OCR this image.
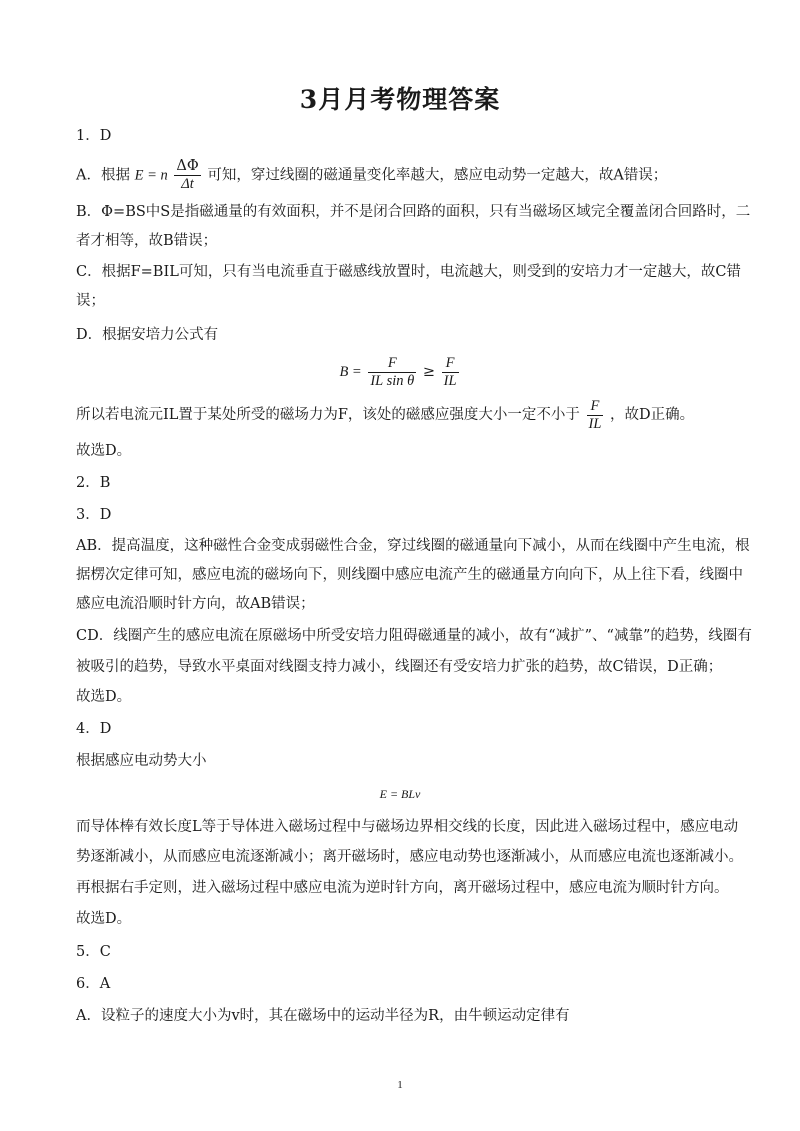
3月月考物理答案
1．D
A．根据 E = n $\frac{\Delta\Phi}{\Delta t}$ 可知，穿过线圈的磁通量变化率越大，感应电动势一定越大，故A错误；
B．Φ=BS中S是指磁通量的有效面积，并不是闭合回路的面积，只有当磁场区域完全覆盖闭合回路时，二
者才相等，故B错误；
C．根据F=BIL可知，只有当电流垂直于磁感线放置时，电流越大，则受到的安培力才一定越大，故C错
误；
D．根据安培力公式有
$B = \frac{F}{\text{IL sin θ}} \ge \frac{F}{IL}$
所以若电流元IL置于某处所受的磁场力为F，该处的磁感应强度大小一定不小于 $\frac{F}{IL}$ ，故D正确。
故选D。
2．B
3．D
AB．提高温度，这种磁性合金变成弱磁性合金，穿过线圈的磁通量向下减小，从而在线圈中产生电流，根
据楞次定律可知，感应电流的磁场向下，则线圈中感应电流产生的磁通量方向向下，从上往下看，线圈中
感应电流沿顺时针方向，故AB错误；
CD．线圈产生的感应电流在原磁场中所受安培力阻碍磁通量的减小，故有“减扩”、“减靠”的趋势，线圈有
被吸引的趋势，导致水平桌面对线圈支持力减小，线圈还有受安培力扩张的趋势，故C错误，D正确；
故选D。
4．D
根据感应电动势大小
E = BLv
而导体棒有效长度L等于导体进入磁场过程中与磁场边界相交线的长度，因此进入磁场过程中，感应电动
势逐渐减小，从而感应电流逐渐减小；离开磁场时，感应电动势也逐渐减小，从而感应电流也逐渐减小。
再根据右手定则，进入磁场过程中感应电流为逆时针方向，离开磁场过程中，感应电流为顺时针方向。
故选D。
5．C
6．A
A．设粒子的速度大小为v时，其在磁场中的运动半径为R，由牛顿运动定律有
1
